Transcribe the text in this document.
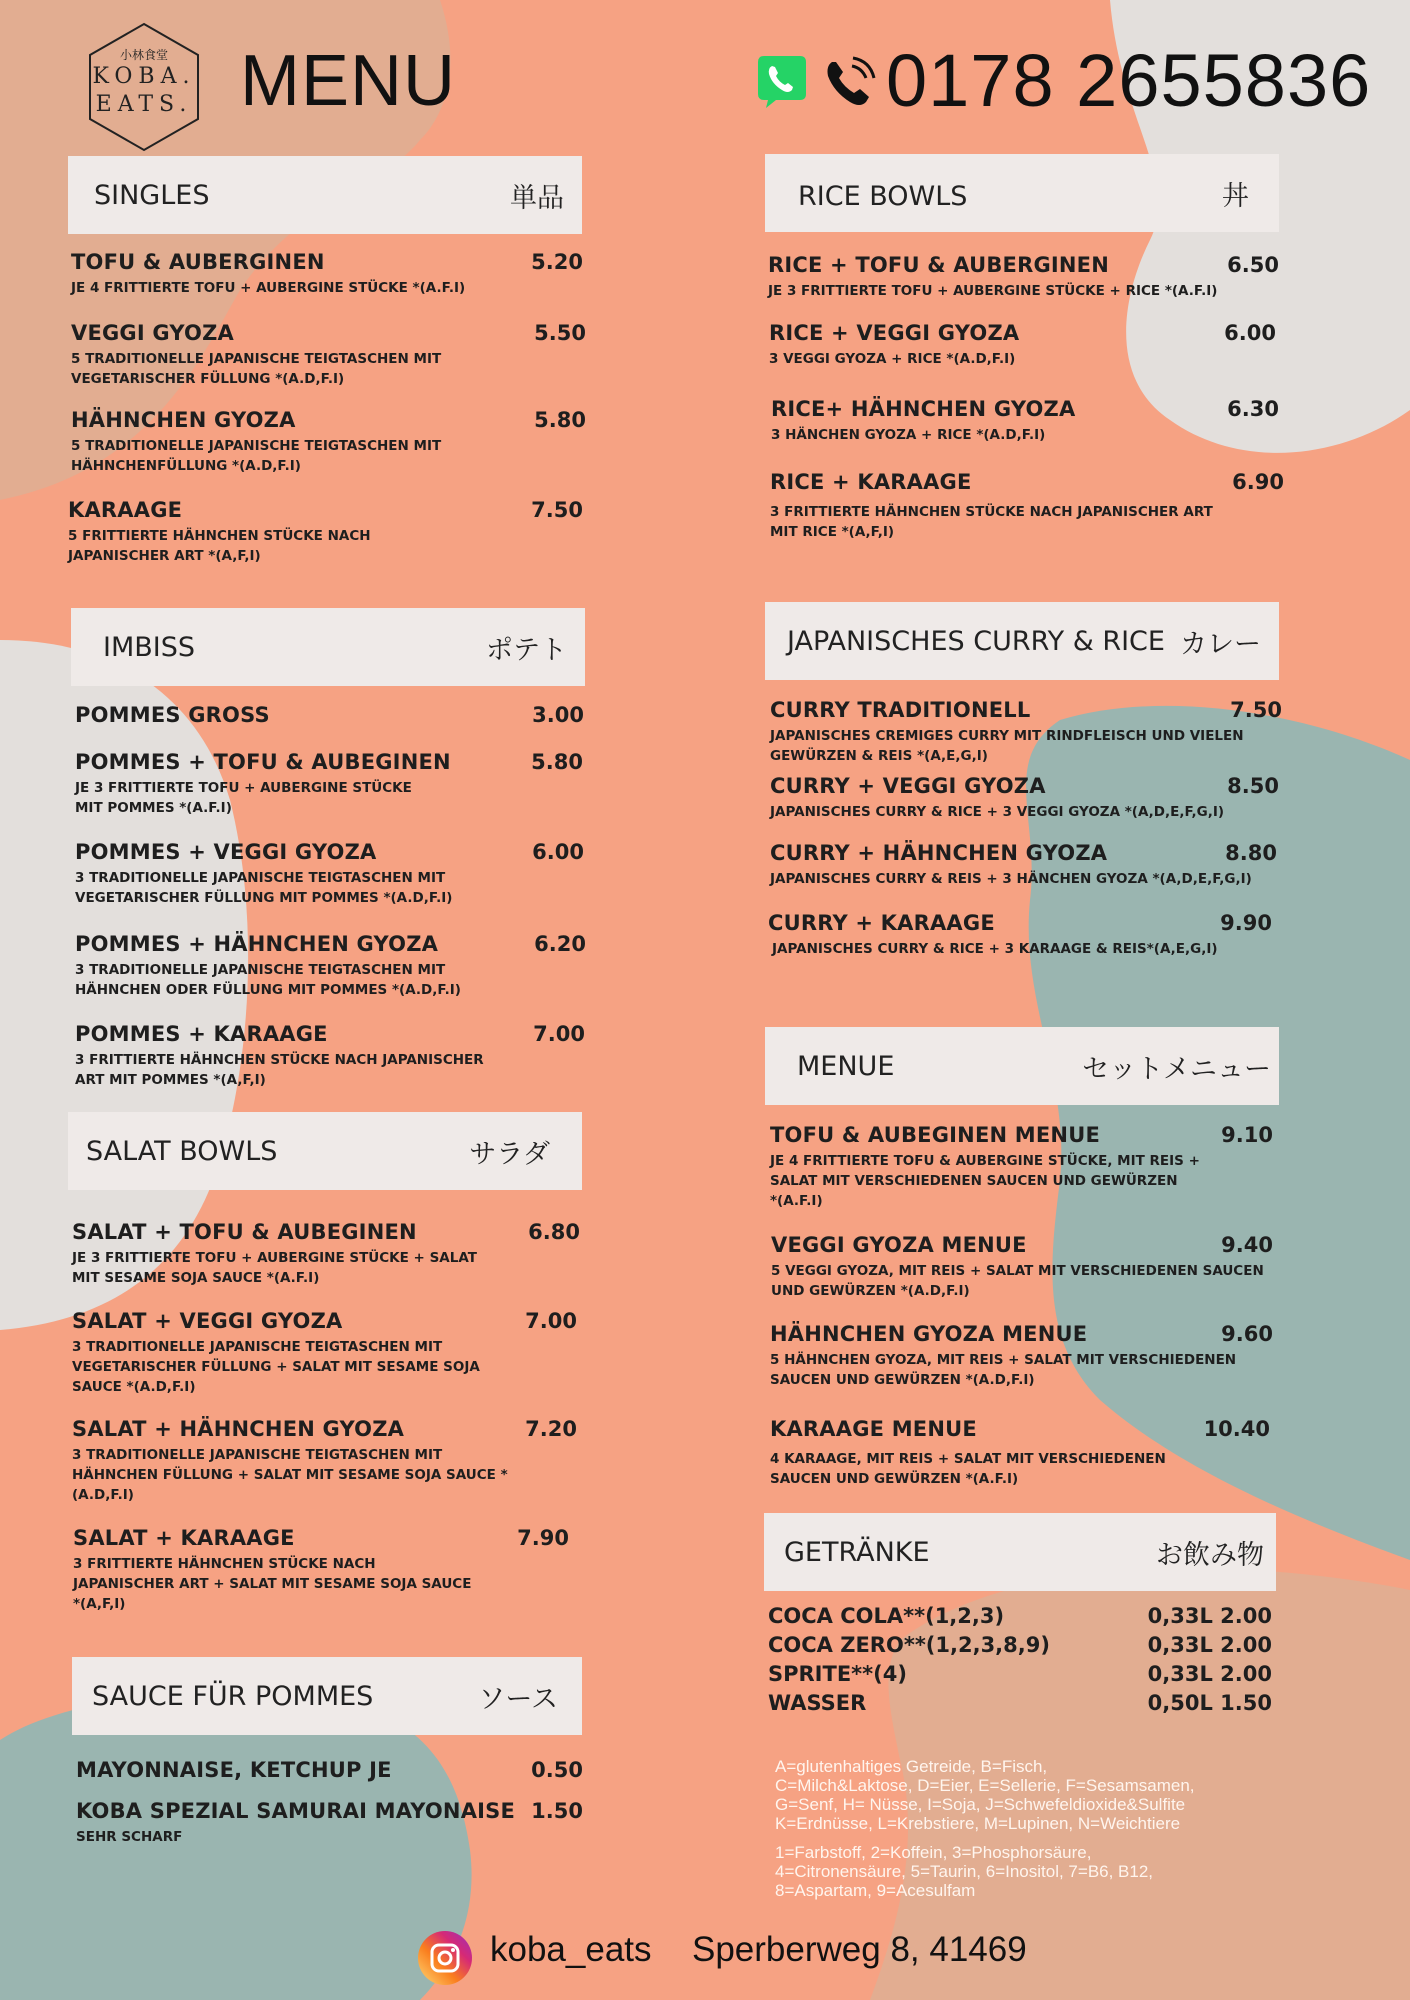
小林食堂
KOBA.
EATS. MENU	0178 2655836
SINGLES	単品
TOFU & AUBERGINEN	5.20
JE 4 FRITTIERTE TOFU + AUBERGINE STÜCKE *(A.F.I)
VEGGI GYOZA	5.50
5 TRADITIONELLE JAPANISCHE TEIGTASCHEN MIT
VEGETARISCHER FÜLLUNG *(A.D,F.I)
HÄHNCHEN GYOZA	5.80
5 TRADITIONELLE JAPANISCHE TEIGTASCHEN MIT
HÄHNCHENFÜLLUNG *(A.D,F.I)
KARAAGE	7.50
5 FRITTIERTE HÄHNCHEN STÜCKE NACH
JAPANISCHER ART *(A,F,I)
IMBISS	ポテト
POMMES GROSS	3.00
POMMES + TOFU & AUBEGINEN	5.80
JE 3 FRITTIERTE TOFU + AUBERGINE STÜCKE
MIT POMMES *(A.F.I)
POMMES + VEGGI GYOZA	6.00
3 TRADITIONELLE JAPANISCHE TEIGTASCHEN MIT
VEGETARISCHER FÜLLUNG MIT POMMES *(A.D,F.I)
POMMES + HÄHNCHEN GYOZA	6.20
3 TRADITIONELLE JAPANISCHE TEIGTASCHEN MIT
HÄHNCHEN ODER FÜLLUNG MIT POMMES *(A.D,F.I)
POMMES + KARAAGE	7.00
3 FRITTIERTE HÄHNCHEN STÜCKE NACH JAPANISCHER
ART MIT POMMES *(A,F,I)
SALAT BOWLS	サラダ
SALAT + TOFU & AUBEGINEN	6.80
JE 3 FRITTIERTE TOFU + AUBERGINE STÜCKE + SALAT
MIT SESAME SOJA SAUCE *(A.F.I)
SALAT + VEGGI GYOZA	7.00
3 TRADITIONELLE JAPANISCHE TEIGTASCHEN MIT
VEGETARISCHER FÜLLUNG + SALAT MIT SESAME SOJA
SAUCE *(A.D,F.I)
SALAT + HÄHNCHEN GYOZA	7.20
3 TRADITIONELLE JAPANISCHE TEIGTASCHEN MIT
HÄHNCHEN FÜLLUNG + SALAT MIT SESAME SOJA SAUCE *
(A.D,F.I)
SALAT + KARAAGE	7.90
3 FRITTIERTE HÄHNCHEN STÜCKE NACH
JAPANISCHER ART + SALAT MIT SESAME SOJA SAUCE
*(A,F,I)
SAUCE FÜR POMMES	ソース
MAYONNAISE, KETCHUP JE	0.50
KOBA SPEZIAL SAMURAI MAYONAISE 1.50
SEHR SCHARF
RICE BOWLS	丼
RICE + TOFU & AUBERGINEN	6.50
JE 3 FRITTIERTE TOFU + AUBERGINE STÜCKE + RICE *(A.F.I)
RICE + VEGGI GYOZA	6.00
3 VEGGI GYOZA + RICE *(A.D,F.I)
RICE+ HÄHNCHEN GYOZA	6.30
3 HÄNCHEN GYOZA + RICE *(A.D,F.I)
RICE + KARAAGE	6.90
3 FRITTIERTE HÄHNCHEN STÜCKE NACH JAPANISCHER ART
MIT RICE *(A,F,I)
JAPANISCHES CURRY & RICE カレー
CURRY TRADITIONELL	7.50
JAPANISCHES CREMIGES CURRY MIT RINDFLEISCH UND VIELEN
GEWÜRZEN & REIS *(A,E,G,I)
CURRY + VEGGI GYOZA	8.50
JAPANISCHES CURRY & RICE + 3 VEGGI GYOZA *(A,D,E,F,G,I)
CURRY + HÄHNCHEN GYOZA	8.80
JAPANISCHES CURRY & REIS + 3 HÄNCHEN GYOZA *(A,D,E,F,G,I)
CURRY + KARAAGE	9.90
JAPANISCHES CURRY & RICE + 3 KARAAGE & REIS*(A,E,G,I)
MENUE	セットメニュー
TOFU & AUBEGINEN MENUE	9.10
JE 4 FRITTIERTE TOFU & AUBERGINE STÜCKE, MIT REIS +
SALAT MIT VERSCHIEDENEN SAUCEN UND GEWÜRZEN
*(A.F.I)
VEGGI GYOZA MENUE	9.40
5 VEGGI GYOZA, MIT REIS + SALAT MIT VERSCHIEDENEN SAUCEN
UND GEWÜRZEN *(A.D,F.I)
HÄHNCHEN GYOZA MENUE	9.60
5 HÄHNCHEN GYOZA, MIT REIS + SALAT MIT VERSCHIEDENEN
SAUCEN UND GEWÜRZEN *(A.D,F.I)
KARAAGE MENUE	10.40
4 KARAAGE, MIT REIS + SALAT MIT VERSCHIEDENEN
SAUCEN UND GEWÜRZEN *(A.F.I)
GETRÄNKE	お飲み物
COCA COLA**(1,2,3)	0,33L 2.00
COCA ZERO**(1,2,3,8,9)	0,33L 2.00
SPRITE**(4)	0,33L 2.00
WASSER	0,50L 1.50
A=glutenhaltiges Getreide, B=Fisch,
C=Milch&Laktose, D=Eier, E=Sellerie, F=Sesamsamen,
G=Senf, H= Nüsse, I=Soja, J=Schwefeldioxide&Sulfite
K=Erdnüsse, L=Krebstiere, M=Lupinen, N=Weichtiere
1=Farbstoff, 2=Koffein, 3=Phosphorsäure,
4=Citronensäure, 5=Taurin, 6=Inositol, 7=B6, B12,
8=Aspartam, 9=Acesulfam
koba_eats Sperberweg 8, 41469
